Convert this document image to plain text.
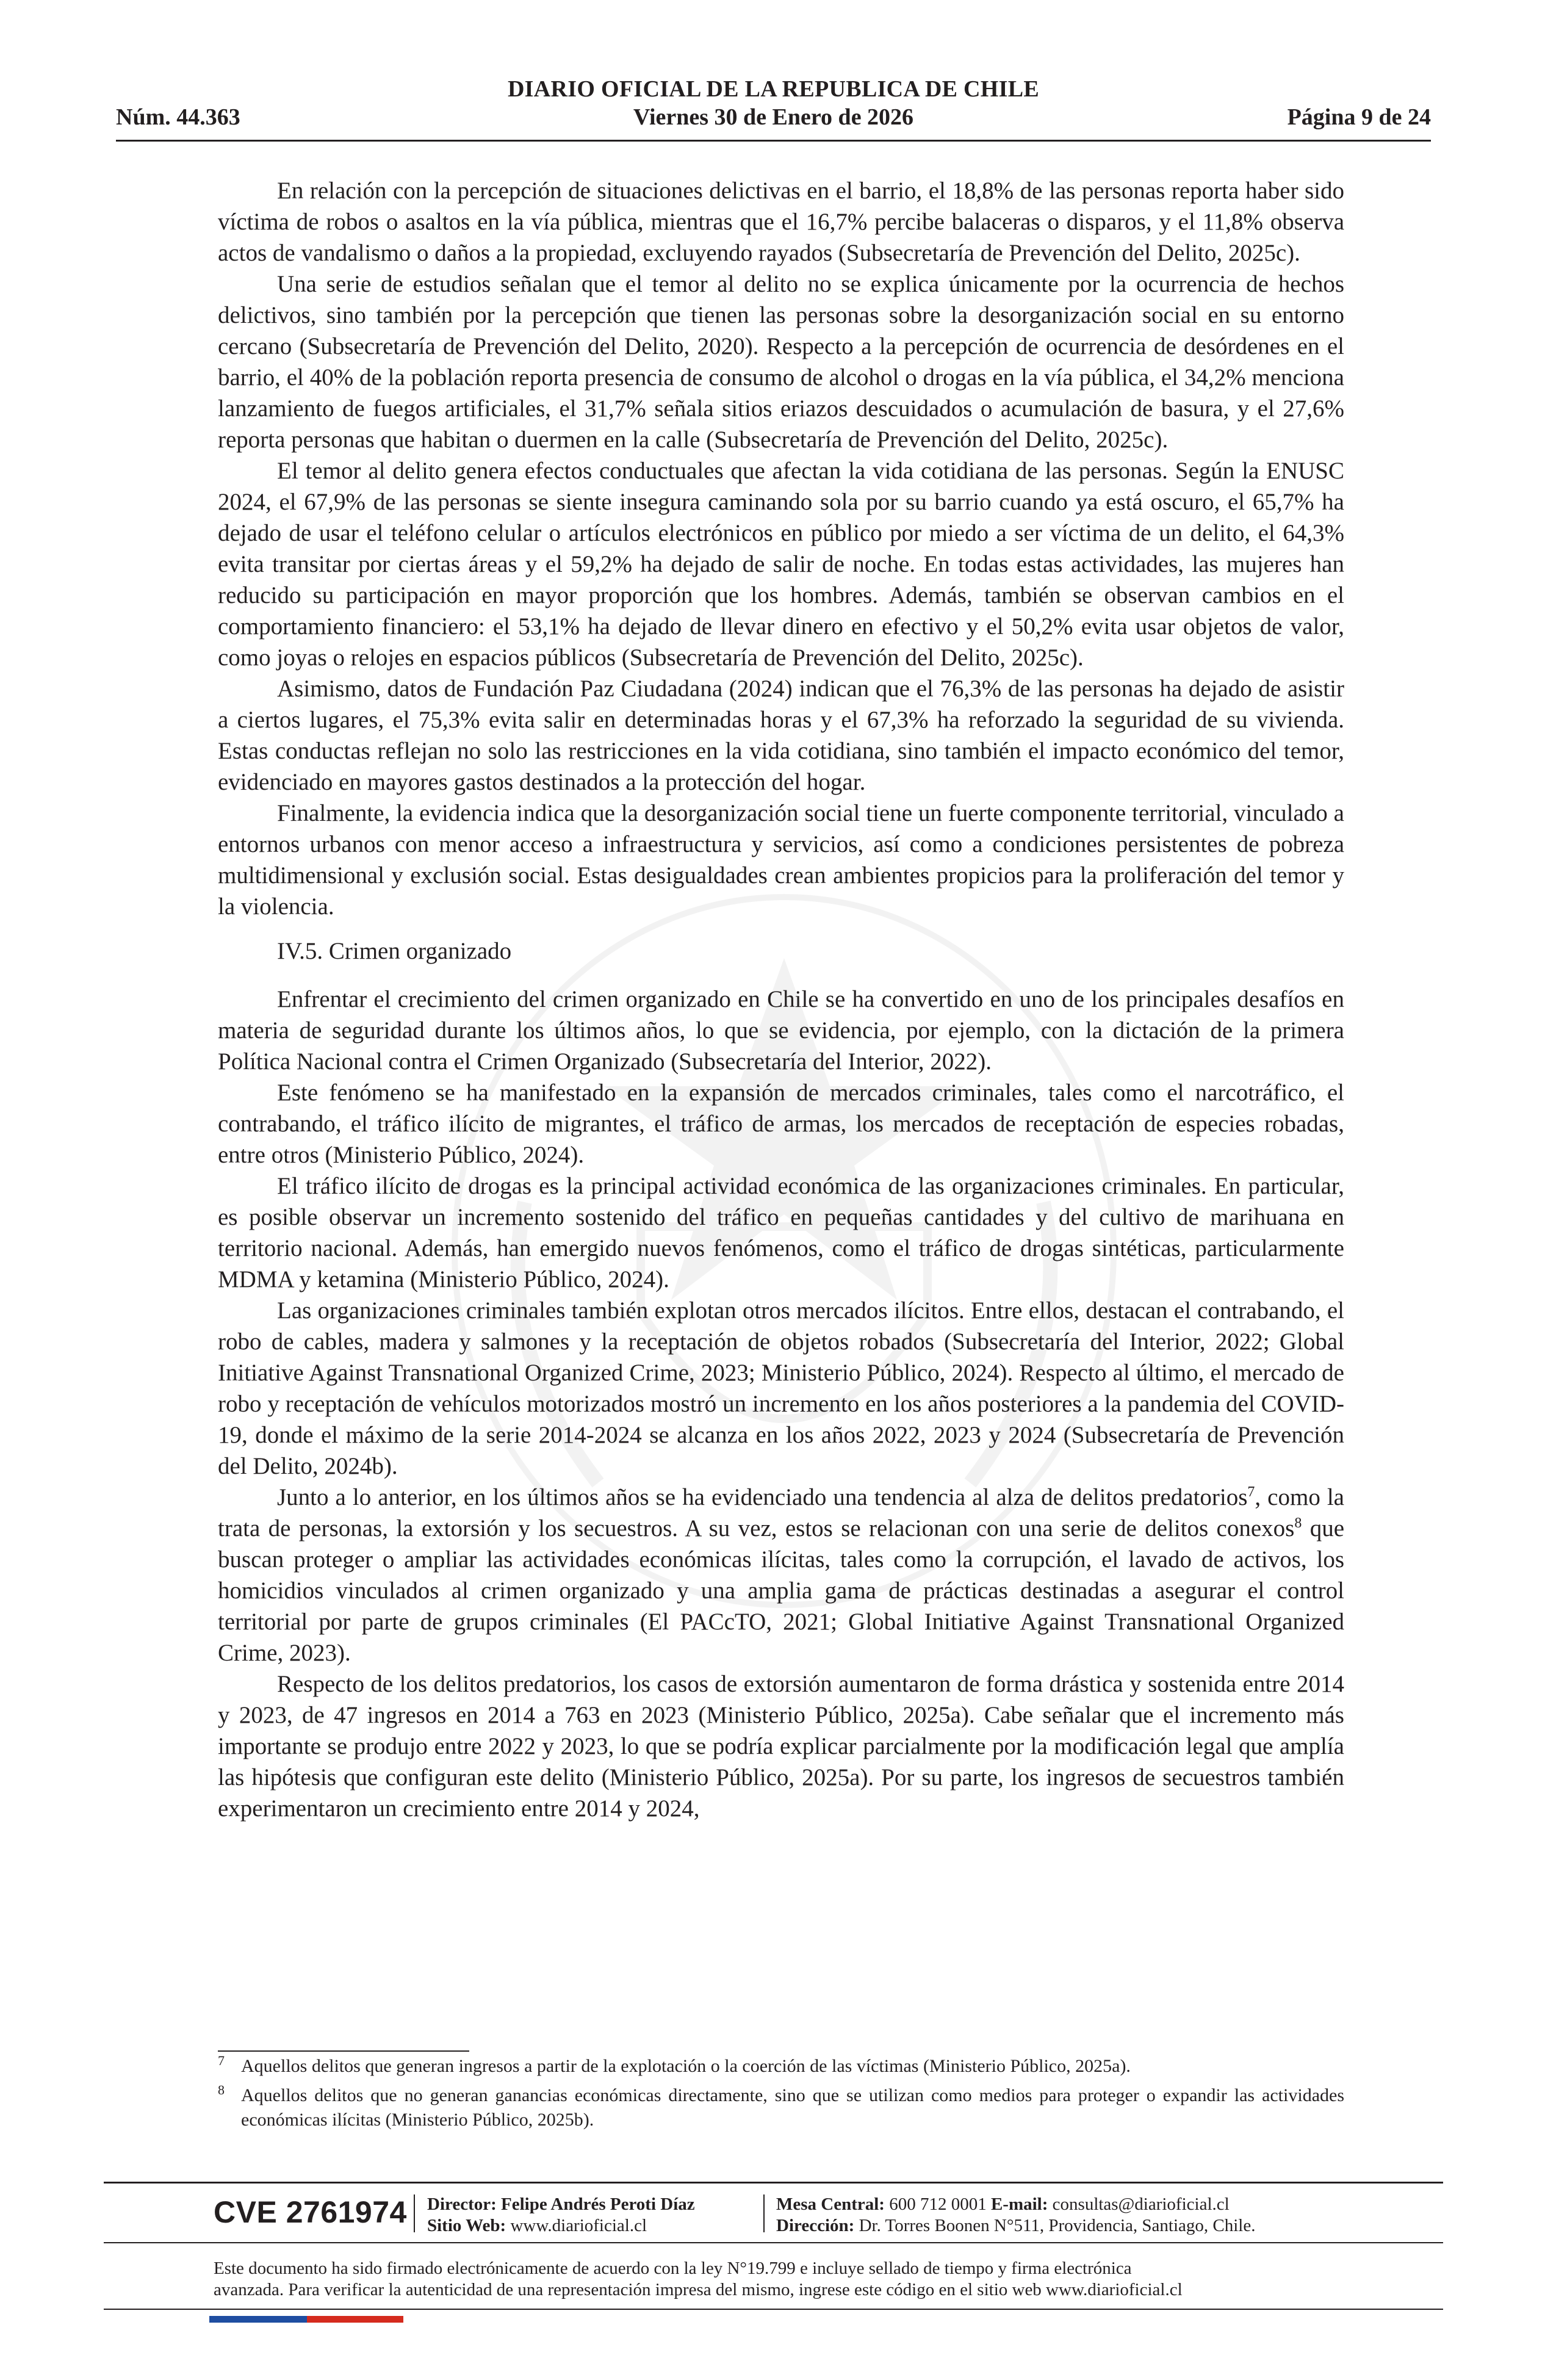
DIARIO OFICIAL DE LA REPUBLICA DE CHILE
Núm. 44.363	Viernes 30 de Enero de 2026	Página 9 de 24

En relación con la percepción de situaciones delictivas en el barrio, el 18,8% de las personas reporta haber sido víctima de robos o asaltos en la vía pública, mientras que el 16,7% percibe balaceras o disparos, y el 11,8% observa actos de vandalismo o daños a la propiedad, excluyendo rayados (Subsecretaría de Prevención del Delito, 2025c).

Una serie de estudios señalan que el temor al delito no se explica únicamente por la ocurrencia de hechos delictivos, sino también por la percepción que tienen las personas sobre la desorganización social en su entorno cercano (Subsecretaría de Prevención del Delito, 2020). Respecto a la percepción de ocurrencia de desórdenes en el barrio, el 40% de la población reporta presencia de consumo de alcohol o drogas en la vía pública, el 34,2% menciona lanzamiento de fuegos artificiales, el 31,7% señala sitios eriazos descuidados o acumulación de basura, y el 27,6% reporta personas que habitan o duermen en la calle (Subsecretaría de Prevención del Delito, 2025c).

El temor al delito genera efectos conductuales que afectan la vida cotidiana de las personas. Según la ENUSC 2024, el 67,9% de las personas se siente insegura caminando sola por su barrio cuando ya está oscuro, el 65,7% ha dejado de usar el teléfono celular o artículos electrónicos en público por miedo a ser víctima de un delito, el 64,3% evita transitar por ciertas áreas y el 59,2% ha dejado de salir de noche. En todas estas actividades, las mujeres han reducido su participación en mayor proporción que los hombres. Además, también se observan cambios en el comportamiento financiero: el 53,1% ha dejado de llevar dinero en efectivo y el 50,2% evita usar objetos de valor, como joyas o relojes en espacios públicos (Subsecretaría de Prevención del Delito, 2025c).

Asimismo, datos de Fundación Paz Ciudadana (2024) indican que el 76,3% de las personas ha dejado de asistir a ciertos lugares, el 75,3% evita salir en determinadas horas y el 67,3% ha reforzado la seguridad de su vivienda. Estas conductas reflejan no solo las restricciones en la vida cotidiana, sino también el impacto económico del temor, evidenciado en mayores gastos destinados a la protección del hogar.

Finalmente, la evidencia indica que la desorganización social tiene un fuerte componente territorial, vinculado a entornos urbanos con menor acceso a infraestructura y servicios, así como a condiciones persistentes de pobreza multidimensional y exclusión social. Estas desigualdades crean ambientes propicios para la proliferación del temor y la violencia.

IV.5. Crimen organizado

Enfrentar el crecimiento del crimen organizado en Chile se ha convertido en uno de los principales desafíos en materia de seguridad durante los últimos años, lo que se evidencia, por ejemplo, con la dictación de la primera Política Nacional contra el Crimen Organizado (Subsecretaría del Interior, 2022).

Este fenómeno se ha manifestado en la expansión de mercados criminales, tales como el narcotráfico, el contrabando, el tráfico ilícito de migrantes, el tráfico de armas, los mercados de receptación de especies robadas, entre otros (Ministerio Público, 2024).

El tráfico ilícito de drogas es la principal actividad económica de las organizaciones criminales. En particular, es posible observar un incremento sostenido del tráfico en pequeñas cantidades y del cultivo de marihuana en territorio nacional. Además, han emergido nuevos fenómenos, como el tráfico de drogas sintéticas, particularmente MDMA y ketamina (Ministerio Público, 2024).

Las organizaciones criminales también explotan otros mercados ilícitos. Entre ellos, destacan el contrabando, el robo de cables, madera y salmones y la receptación de objetos robados (Subsecretaría del Interior, 2022; Global Initiative Against Transnational Organized Crime, 2023; Ministerio Público, 2024). Respecto al último, el mercado de robo y receptación de vehículos motorizados mostró un incremento en los años posteriores a la pandemia del COVID-19, donde el máximo de la serie 2014-2024 se alcanza en los años 2022, 2023 y 2024 (Subsecretaría de Prevención del Delito, 2024b).

Junto a lo anterior, en los últimos años se ha evidenciado una tendencia al alza de delitos predatorios$^7$, como la trata de personas, la extorsión y los secuestros. A su vez, estos se relacionan con una serie de delitos conexos$^8$ que buscan proteger o ampliar las actividades económicas ilícitas, tales como la corrupción, el lavado de activos, los homicidios vinculados al crimen organizado y una amplia gama de prácticas destinadas a asegurar el control territorial por parte de grupos criminales (El PACcTO, 2021; Global Initiative Against Transnational Organized Crime, 2023).

Respecto de los delitos predatorios, los casos de extorsión aumentaron de forma drástica y sostenida entre 2014 y 2023, de 47 ingresos en 2014 a 763 en 2023 (Ministerio Público, 2025a). Cabe señalar que el incremento más importante se produjo entre 2022 y 2023, lo que se podría explicar parcialmente por la modificación legal que amplía las hipótesis que configuran este delito (Ministerio Público, 2025a). Por su parte, los ingresos de secuestros también experimentaron un crecimiento entre 2014 y 2024,

7 Aquellos delitos que generan ingresos a partir de la explotación o la coerción de las víctimas (Ministerio Público, 2025a).

8 Aquellos delitos que no generan ganancias económicas directamente, sino que se utilizan como medios para proteger o expandir las actividades económicas ilícitas (Ministerio Público, 2025b).

CVE 2761974 Director: Felipe Andrés Peroti Díaz
Sitio Web: www.diarioficial.cl
Mesa Central: 600 712 0001 E-mail: consultas@diarioficial.cl
Dirección: Dr. Torres Boonen N°511, Providencia, Santiago, Chile.
Este documento ha sido firmado electrónicamente de acuerdo con la ley N°19.799 e incluye sellado de tiempo y firma electrónica
avanzada. Para verificar la autenticidad de una representación impresa del mismo, ingrese este código en el sitio web www.diarioficial.cl
